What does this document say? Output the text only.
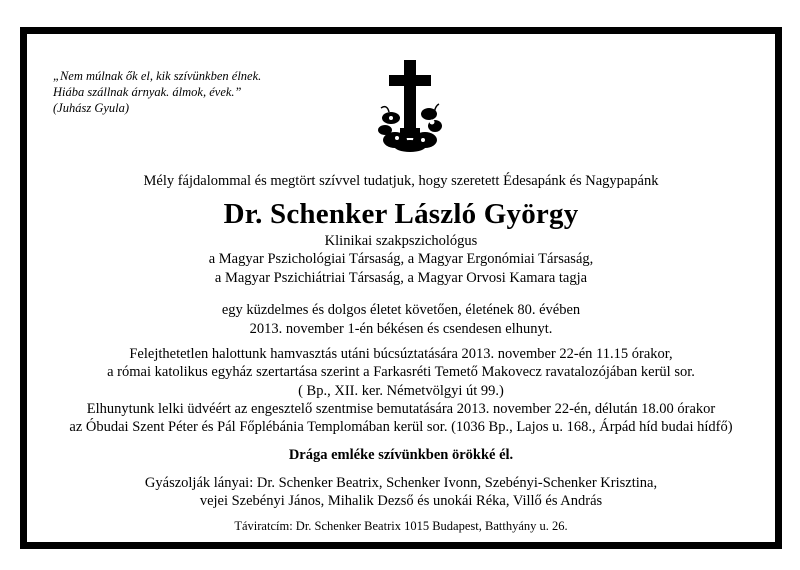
„Nem múlnak ők el, kik szívünkben élnek.
Hiába szállnak árnyak. álmok, évek.”
(Juhász Gyula)
Mély fájdalommal és megtört szívvel tudatjuk, hogy szeretett Édesapánk és Nagypapánk
Dr. Schenker László György
Klinikai szakpszichológus
a Magyar Pszichológiai Társaság, a Magyar Ergonómiai Társaság,
a Magyar Pszichiátriai Társaság, a Magyar Orvosi Kamara tagja
egy küzdelmes és dolgos életet követően, életének 80. évében
2013. november 1-én békésen és csendesen elhunyt.
Felejthetetlen halottunk hamvasztás utáni búcsúztatására 2013. november 22-én 11.15 órakor,
a római katolikus egyház szertartása szerint a Farkasréti Temető Makovecz ravatalozójában kerül sor.
( Bp., XII. ker. Németvölgyi út 99.)
Elhunytunk lelki üdvéért az engesztelő szentmise bemutatására 2013. november 22-én, délután 18.00 órakor
az Óbudai Szent Péter és Pál Főplébánia Templomában kerül sor. (1036 Bp., Lajos u. 168., Árpád híd budai hídfő)
Drága emléke szívünkben örökké él.
Gyászolják lányai: Dr. Schenker Beatrix, Schenker Ivonn, Szebényi-Schenker Krisztina,
vejei Szebényi János, Mihalik Dezső és unokái Réka, Villő és András
Táviratcím: Dr. Schenker Beatrix 1015 Budapest, Batthyány u. 26.
